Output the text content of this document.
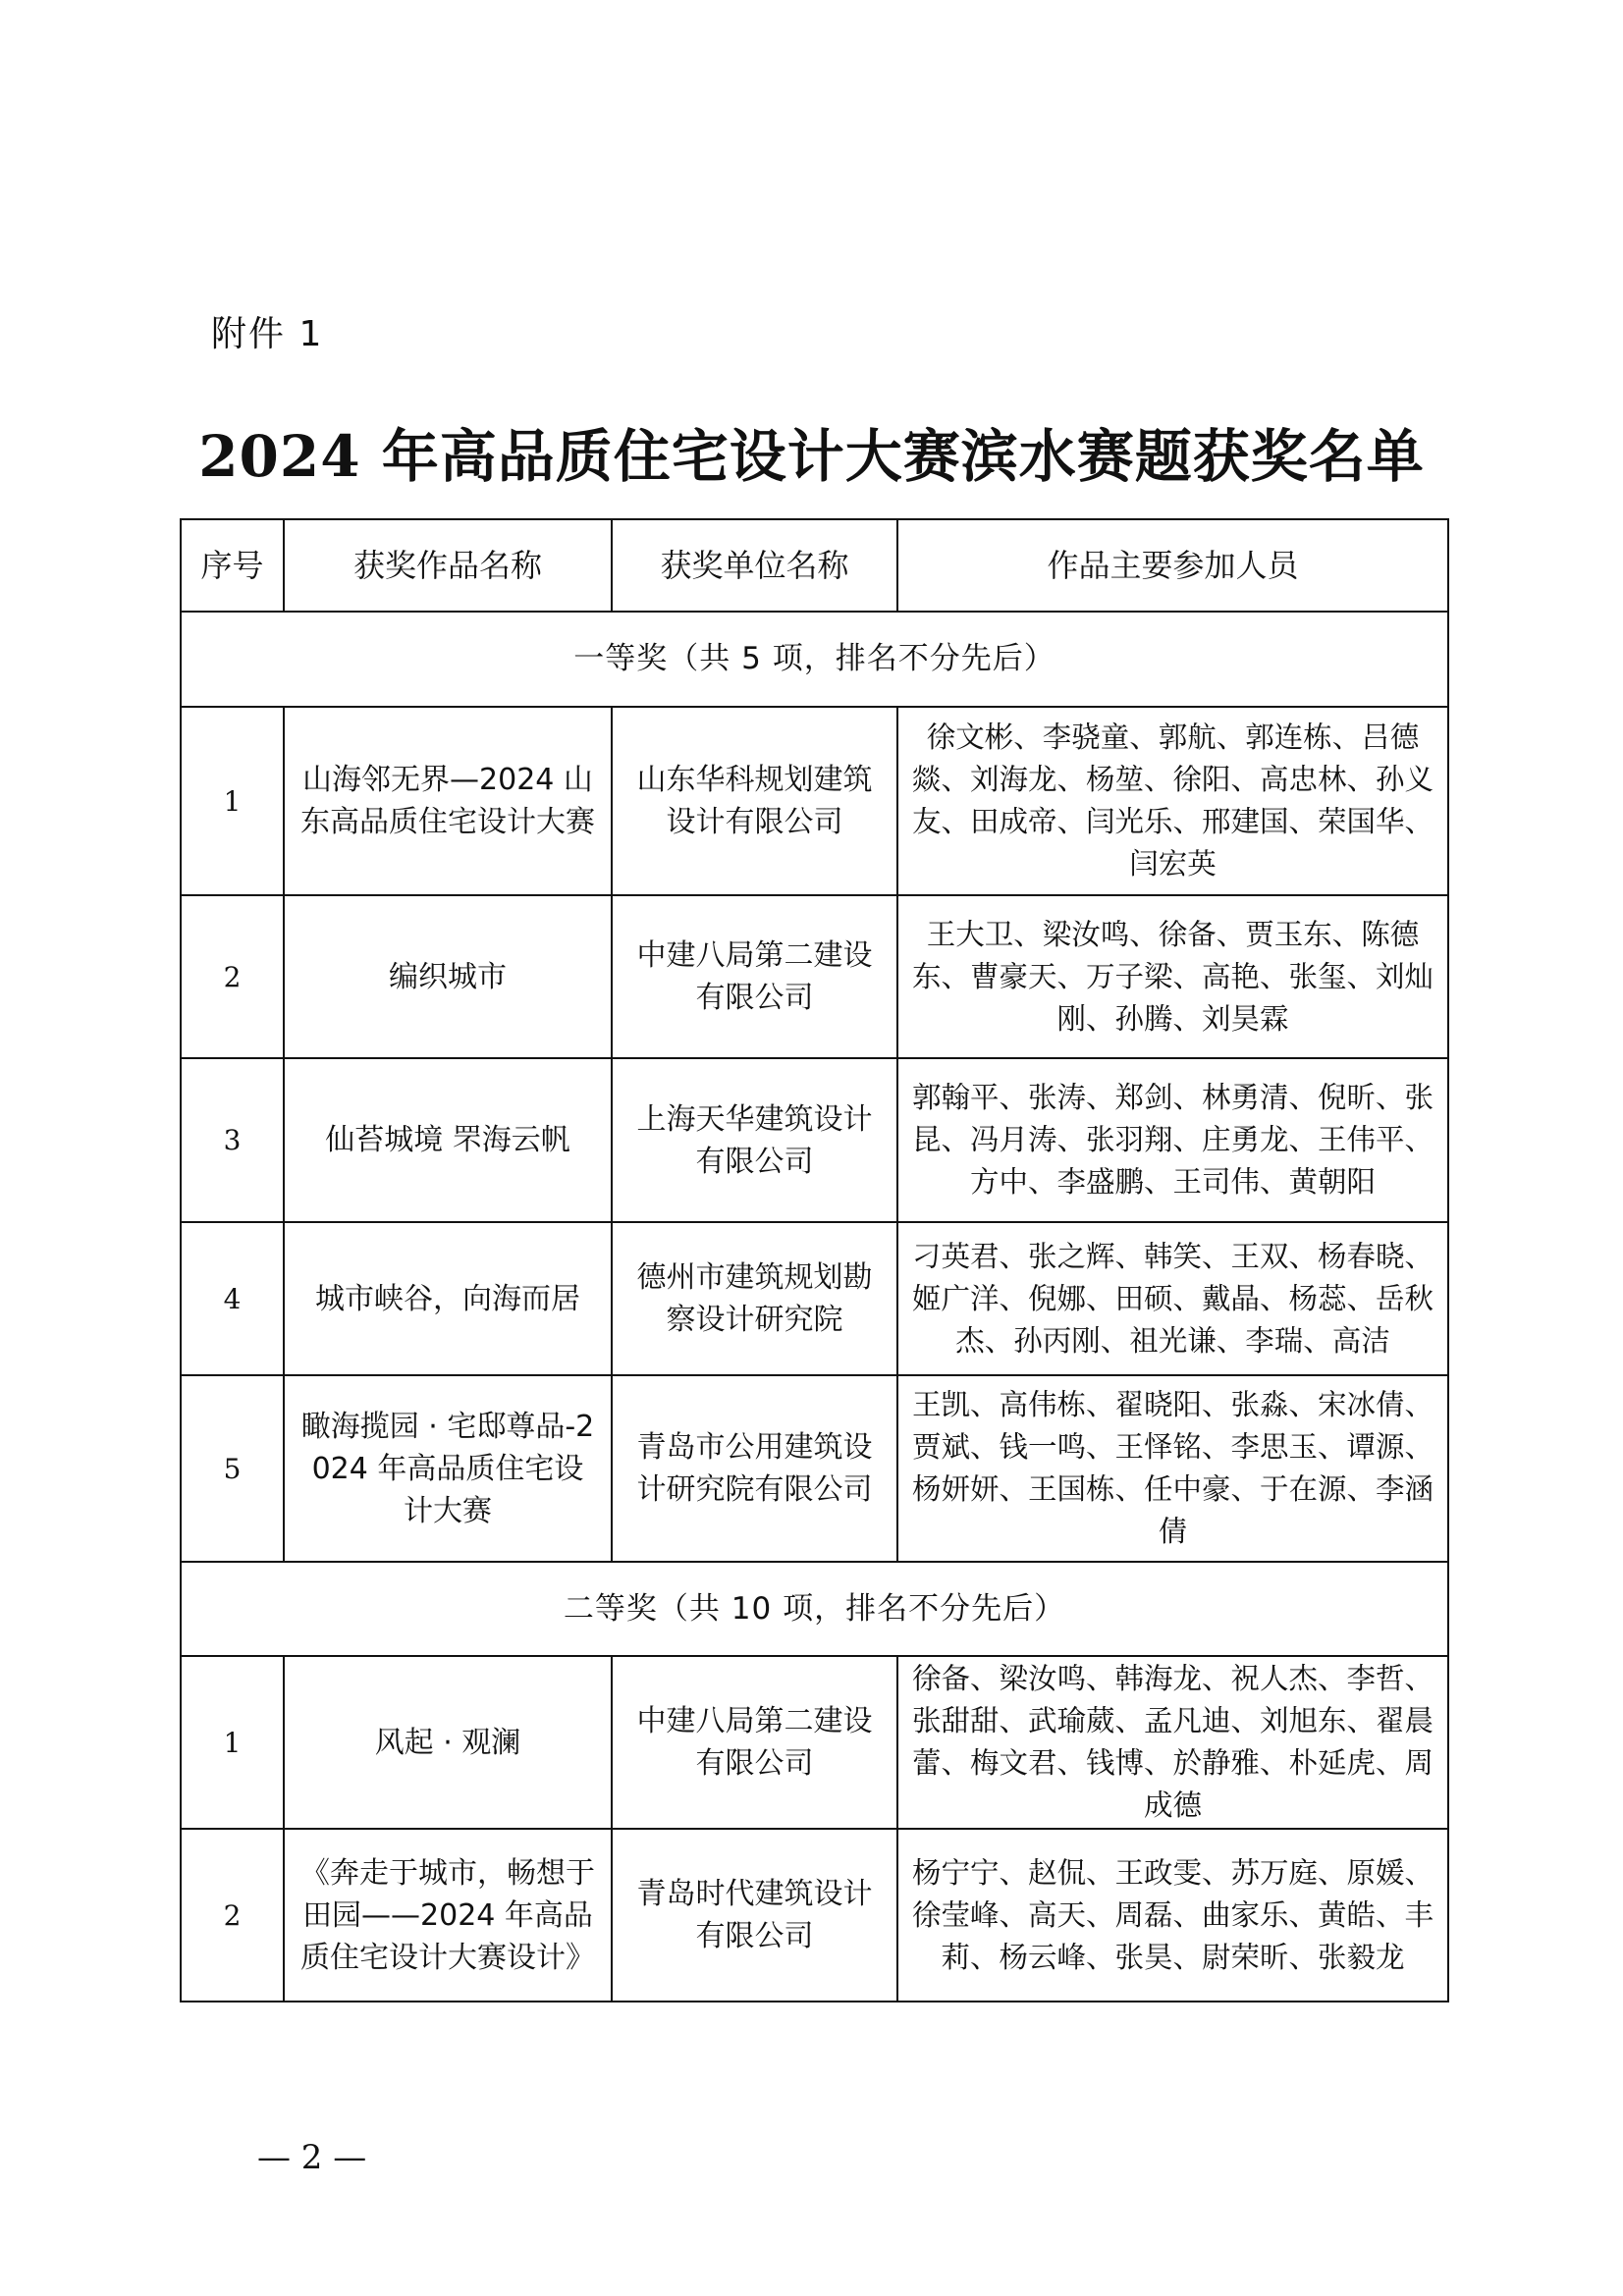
附件 1
2024 年高品质住宅设计大赛滨水赛题获奖名单
序号	获奖作品名称	获奖单位名称	作品主要参加人员
一等奖（共 5 项，排名不分先后）			
1	山海邻无界—2024 山东高品质住宅设计大赛	山东华科规划建筑设计有限公司	徐文彬、李骁童、郭航、郭连栋、吕德燚、刘海龙、杨堃、徐阳、高忠林、孙义友、田成帝、闫光乐、邢建国、荣国华、闫宏英
2	编织城市	中建八局第二建设有限公司	王大卫、梁汝鸣、徐备、贾玉东、陈德东、曹豪天、万子梁、高艳、张玺、刘灿刚、孙腾、刘昊霖
3	仙苔城境 罘海云帆	上海天华建筑设计有限公司	郭翰平、张涛、郑剑、林勇清、倪昕、张昆、冯月涛、张羽翔、庄勇龙、王伟平、方中、李盛鹏、王司伟、黄朝阳
4	城市峡谷，向海而居	德州市建筑规划勘察设计研究院	刁英君、张之辉、韩笑、王双、杨春晓、姬广洋、倪娜、田硕、戴晶、杨蕊、岳秋杰、孙丙刚、祖光谦、李瑞、高洁
5	瞰海揽园 · 宅邸尊品-2024 年高品质住宅设计大赛	青岛市公用建筑设计研究院有限公司	王凯、高伟栋、翟晓阳、张淼、宋冰倩、贾斌、钱一鸣、王怿铭、李思玉、谭源、杨妍妍、王国栋、任中豪、于在源、李涵倩
二等奖（共 10 项，排名不分先后）			
1	风起 · 观澜	中建八局第二建设有限公司	徐备、梁汝鸣、韩海龙、祝人杰、李哲、张甜甜、武瑜葳、孟凡迪、刘旭东、翟晨蕾、梅文君、钱博、於静雅、朴延虎、周成德
2	《奔走于城市，畅想于田园——2024 年高品质住宅设计大赛设计》	青岛时代建筑设计有限公司	杨宁宁、赵侃、王政雯、苏万庭、原媛、徐莹峰、高天、周磊、曲家乐、黄皓、丰莉、杨云峰、张昊、尉荣昕、张毅龙
— 2 —
